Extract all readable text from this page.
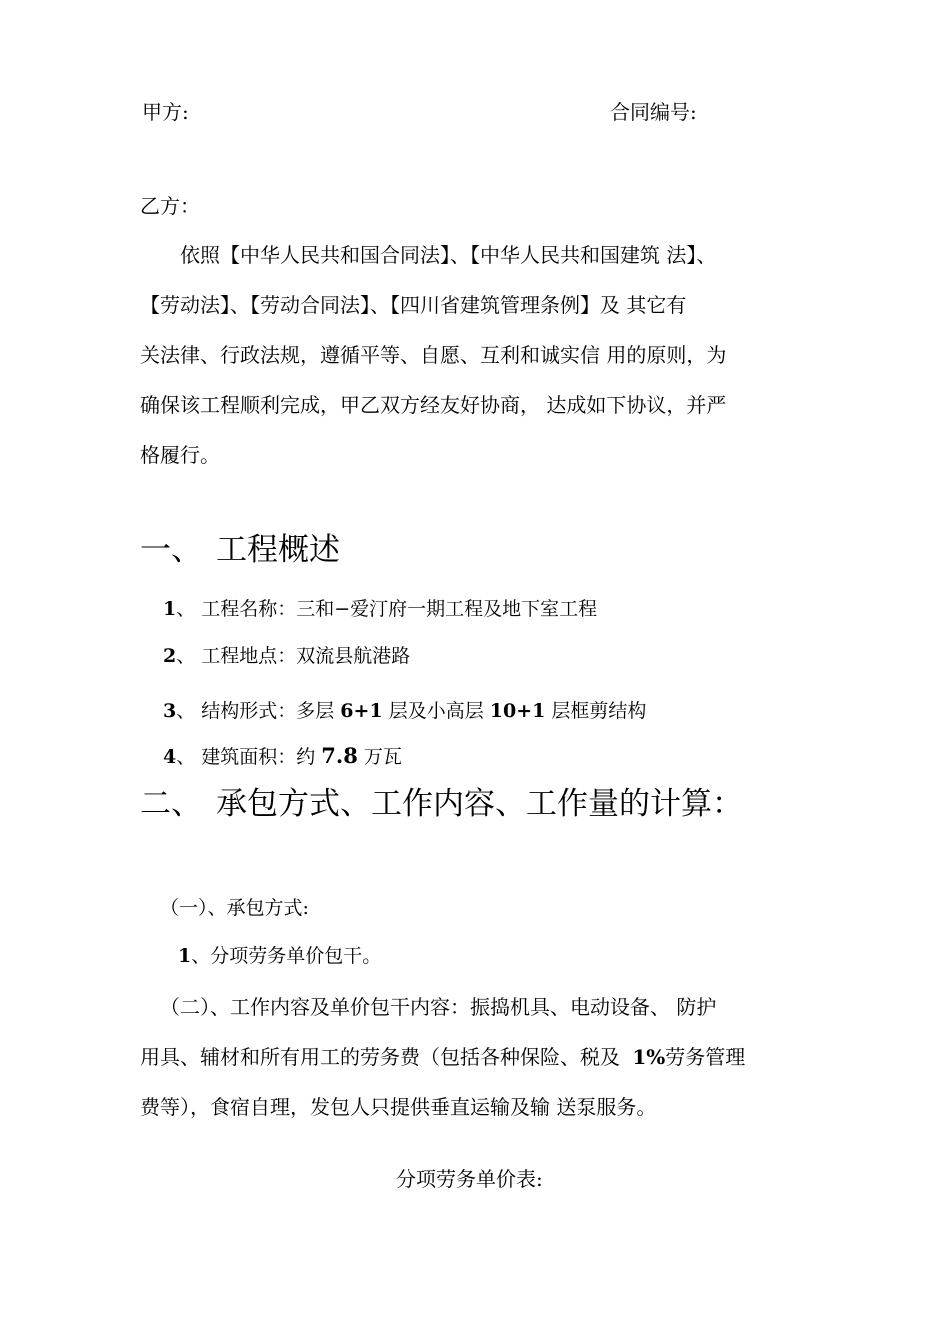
甲方:	合同编号:
乙方：
依照【中华人民共和国合同法】、【中华人民共和国建筑 法】、
【劳动法】、【劳动合同法】、【四川省建筑管理条例】及 其它有
关法律、行政法规，遵循平等、自愿、互利和诚实信 用的原则，为
确保该工程顺利完成，甲乙双方经友好协商， 达成如下协议，并严
格履行。
一、 工程概述
1、 工程名称：三和−爱汀府一期工程及地下室工程
2、 工程地点：双流县航港路
3、 结构形式：多层 6+1 层及小高层 10+1 层框剪结构
4、 建筑面积：约 7.8 万瓦
二、 承包方式、工作内容、工作量的计算：
（一）、承包方式:
1、分项劳务单价包干。
（二）、工作内容及单价包干内容：振捣机具、电动设备、 防护
用具、辅材和所有用工的劳务费（包括各种保险、税及 1%劳务管理
费等），食宿自理，发包人只提供垂直运输及输 送泵服务。
分项劳务单价表:
